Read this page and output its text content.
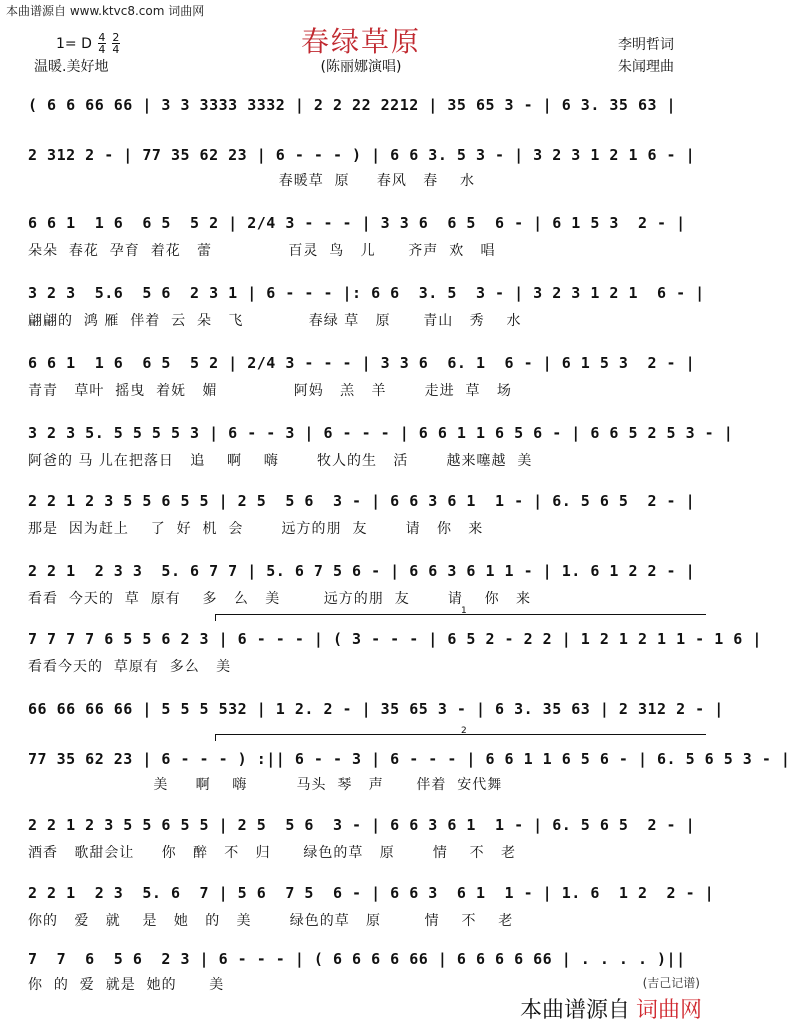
本曲谱源自 www.ktvc8.com 词曲网
春绿草原
(陈丽娜演唱)
1= D $\frac{4}{4} \frac{2}{4}$
温暖.美好地
李明哲词
朱闻理曲
( 6 6 66 66 | 3 3 3333 3332 | 2 2 22 2212 | 35 65 3 - | 6 3. 35 63 |
2 312 2 - | 77 35 62 23 | 6 - - - ) | 6 6 3. 5 3 - | 3 2 3 1 2 1 6 - |
春暖草  原     春风   春    水
6 6 1  1 6  6 5  5 2 | 2/4 3 - - - | 3 3 6  6 5  6 - | 6 1 5 3  2 - |
朵朵  春花  孕育  着花   蕾              百灵  鸟   儿      齐声  欢   唱
3 2 3  5.6  5 6  2 3 1 | 6 - - - |: 6 6  3. 5  3 - | 3 2 3 1 2 1  6 - |
翩翩的  鸿 雁  伴着  云  朵   飞            春绿 草   原      青山   秀    水
6 6 1  1 6  6 5  5 2 | 2/4 3 - - - | 3 3 6  6. 1  6 - | 6 1 5 3  2 - |
青青   草叶  摇曳  着妩   媚              阿妈   羔   羊       走进  草   场
3 2 3 5. 5 5 5 5 3 | 6 - - 3 | 6 - - - | 6 6 1 1 6 5 6 - | 6 6 5 2 5 3 - |
阿爸的 马 儿在把落日   追    啊    嗨       牧人的生   活       越来噻越  美
2 2 1 2 3 5 5 6 5 5 | 2 5  5 6  3 - | 6 6 3 6 1  1 - | 6. 5 6 5  2 - |
那是  因为赶上    了  好  机  会       远方的朋  友       请   你   来
2 2 1  2 3 3  5. 6 7 7 | 5. 6 7 5 6 - | 6 6 3 6 1 1 - | 1. 6 1 2 2 - |
看看  今天的  草  原有    多   么   美        远方的朋  友       请    你   来
1
7 7 7 7 6 5 5 6 2 3 | 6 - - - | ( 3 - - - | 6 5 2 - 2 2 | 1 2 1 2 1 1 - 1 6 |
看看今天的  草原有  多么   美
66 66 66 66 | 5 5 5 532 | 1 2. 2 - | 35 65 3 - | 6 3. 35 63 | 2 312 2 - |
2
77 35 62 23 | 6 - - - ) :|| 6 - - 3 | 6 - - - | 6 6 1 1 6 5 6 - | 6. 5 6 5 3 - |
美     啊    嗨         马头  琴   声      伴着  安代舞
2 2 1 2 3 5 5 6 5 5 | 2 5  5 6  3 - | 6 6 3 6 1  1 - | 6. 5 6 5  2 - |
酒香   歌甜会让     你   醉   不   归      绿色的草   原       情    不   老
2 2 1  2 3  5. 6  7 | 5 6  7 5  6 - | 6 6 3  6 1  1 - | 1. 6  1 2  2 - |
你的   爱   就    是   她   的   美       绿色的草   原        情    不    老
7  7  6  5 6  2 3 | 6 - - - | ( 6 6 6 6 66 | 6 6 6 6 66 | . . . . )||
你  的  爱  就是  她的      美	(吉己记谱)
本曲谱源自 词曲网
